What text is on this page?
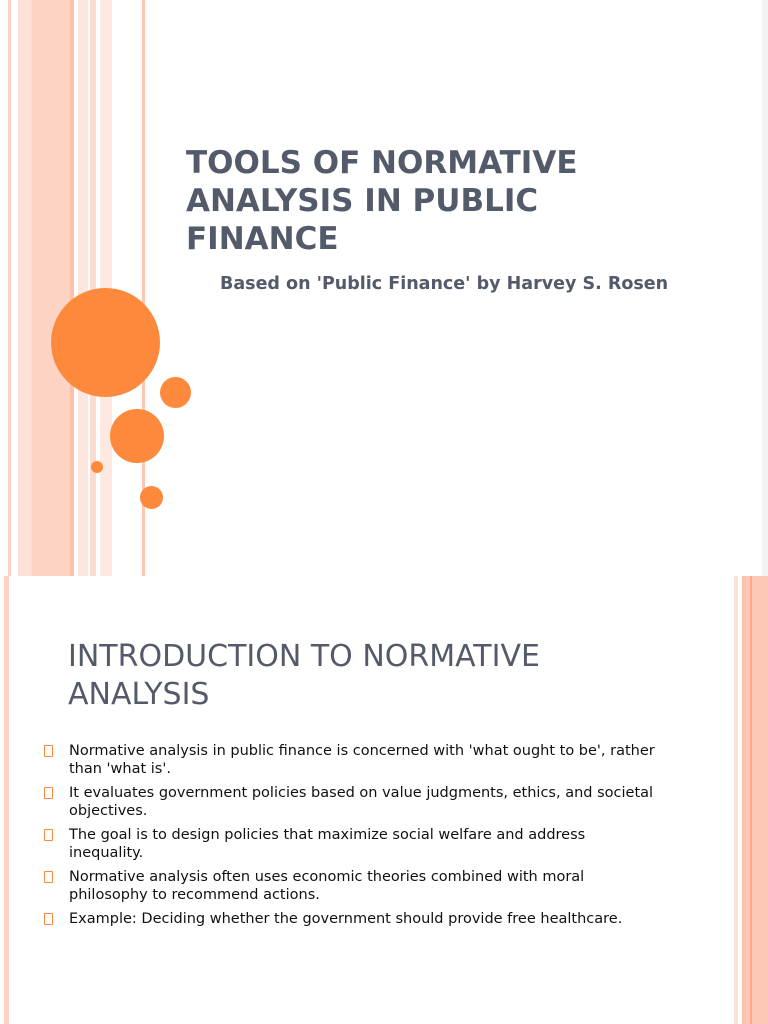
TOOLS OF NORMATIVE ANALYSIS IN PUBLIC FINANCE

Based on 'Public Finance' by Harvey S. Rosen

INTRODUCTION TO NORMATIVE ANALYSIS
Normative analysis in public finance is concerned with 'what ought to be', rather than 'what is'.
It evaluates government policies based on value judgments, ethics, and societal objectives.
The goal is to design policies that maximize social welfare and address inequality.
Normative analysis often uses economic theories combined with moral philosophy to recommend actions.
Example: Deciding whether the government should provide free healthcare.
